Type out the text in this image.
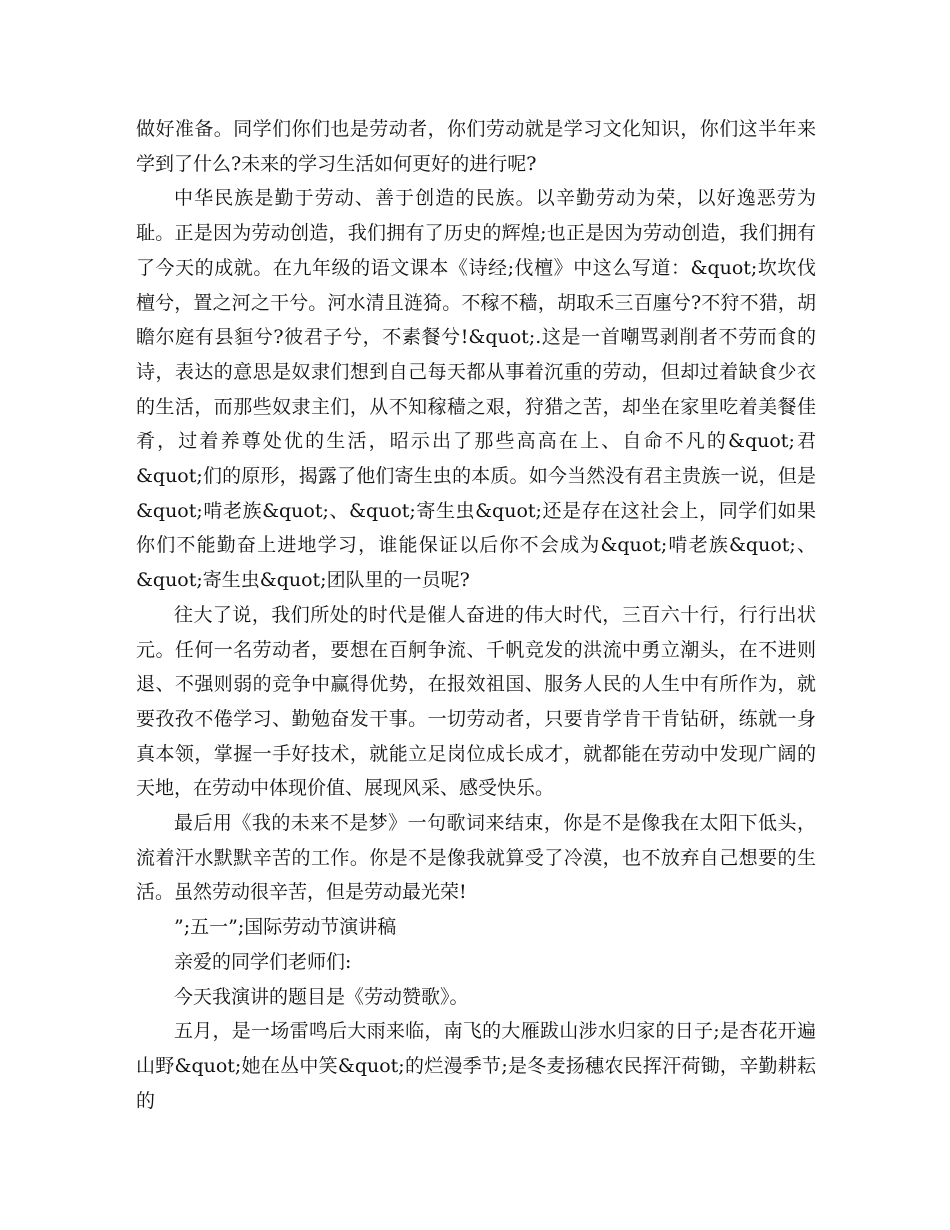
做好准备。同学们你们也是劳动者，你们劳动就是学习文化知识，你们这半年来学到了什么?未来的学习生活如何更好的进行呢?

中华民族是勤于劳动、善于创造的民族。以辛勤劳动为荣，以好逸恶劳为耻。正是因为劳动创造，我们拥有了历史的辉煌;也正是因为劳动创造，我们拥有了今天的成就。在九年级的语文课本《诗经;伐檀》中这么写道：&quot;坎坎伐檀兮，置之河之干兮。河水清且涟猗。不稼不穑，胡取禾三百廛兮?不狩不猎，胡瞻尔庭有县貆兮?彼君子兮，不素餐兮!&quot;.这是一首嘲骂剥削者不劳而食的诗，表达的意思是奴隶们想到自己每天都从事着沉重的劳动，但却过着缺食少衣的生活，而那些奴隶主们，从不知稼穑之艰，狩猎之苦，却坐在家里吃着美餐佳肴，过着养尊处优的生活，昭示出了那些高高在上、自命不凡的&quot;君&quot;们的原形，揭露了他们寄生虫的本质。如今当然没有君主贵族一说，但是&quot;啃老族&quot;、&quot;寄生虫&quot;还是存在这社会上，同学们如果你们不能勤奋上进地学习，谁能保证以后你不会成为&quot;啃老族&quot;、&quot;寄生虫&quot;团队里的一员呢?

往大了说，我们所处的时代是催人奋进的伟大时代，三百六十行，行行出状元。任何一名劳动者，要想在百舸争流、千帆竞发的洪流中勇立潮头，在不进则退、不强则弱的竞争中赢得优势，在报效祖国、服务人民的人生中有所作为，就要孜孜不倦学习、勤勉奋发干事。一切劳动者，只要肯学肯干肯钻研，练就一身真本领，掌握一手好技术，就能立足岗位成长成才，就都能在劳动中发现广阔的天地，在劳动中体现价值、展现风采、感受快乐。

最后用《我的未来不是梦》一句歌词来结束，你是不是像我在太阳下低头，流着汗水默默辛苦的工作。你是不是像我就算受了冷漠，也不放弃自己想要的生活。虽然劳动很辛苦，但是劳动最光荣!

”;五一”;国际劳动节演讲稿

亲爱的同学们老师们:

今天我演讲的题目是《劳动赞歌》。

五月，是一场雷鸣后大雨来临，南飞的大雁跋山涉水归家的日子;是杏花开遍山野&quot;她在丛中笑&quot;的烂漫季节;是冬麦扬穗农民挥汗荷锄，辛勤耕耘的
